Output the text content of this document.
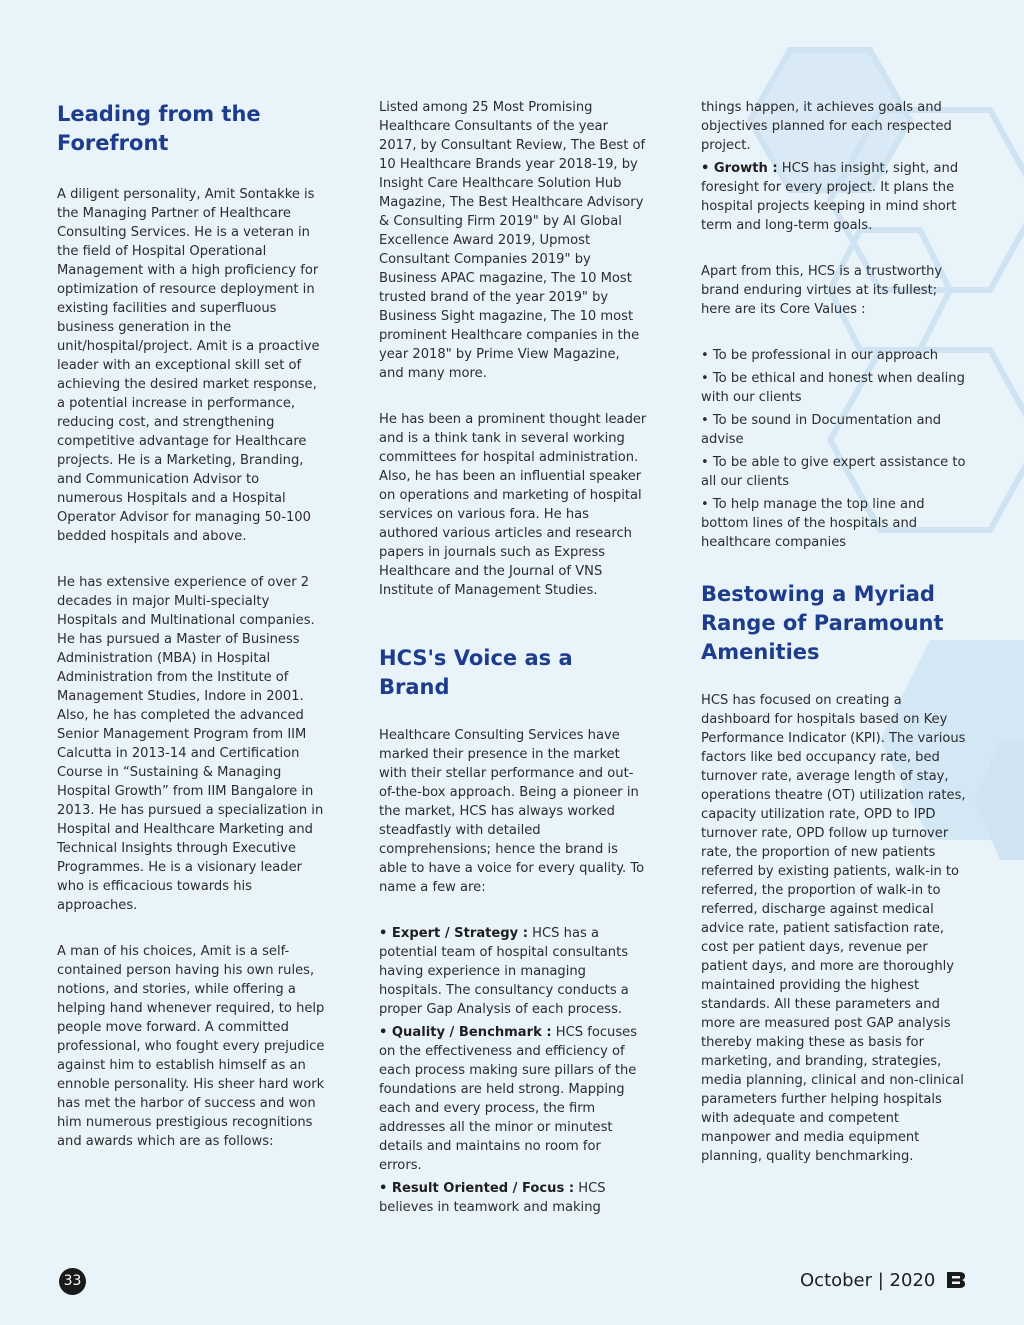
Leading from the Forefront

A diligent personality, Amit Sontakke is the Managing Partner of Healthcare Consulting Services. He is a veteran in the field of Hospital Operational Management with a high proficiency for optimization of resource deployment in existing facilities and superfluous business generation in the unit/hospital/project. Amit is a proactive leader with an exceptional skill set of achieving the desired market response, a potential increase in performance, reducing cost, and strengthening competitive advantage for Healthcare projects. He is a Marketing, Branding, and Communication Advisor to numerous Hospitals and a Hospital Operator Advisor for managing 50-100 bedded hospitals and above.

He has extensive experience of over 2 decades in major Multi-specialty Hospitals and Multinational companies. He has pursued a Master of Business Administration (MBA) in Hospital Administration from the Institute of Management Studies, Indore in 2001. Also, he has completed the advanced Senior Management Program from IIM Calcutta in 2013-14 and Certification Course in “Sustaining & Managing Hospital Growth” from IIM Bangalore in 2013. He has pursued a specialization in Hospital and Healthcare Marketing and Technical Insights through Executive Programmes. He is a visionary leader who is efficacious towards his approaches.

A man of his choices, Amit is a self-contained person having his own rules, notions, and stories, while offering a helping hand whenever required, to help people move forward. A committed professional, who fought every prejudice against him to establish himself as an ennoble personality. His sheer hard work has met the harbor of success and won him numerous prestigious recognitions and awards which are as follows:

Listed among 25 Most Promising Healthcare Consultants of the year 2017, by Consultant Review, The Best of 10 Healthcare Brands year 2018-19, by Insight Care Healthcare Solution Hub Magazine, The Best Healthcare Advisory & Consulting Firm 2019" by AI Global Excellence Award 2019, Upmost Consultant Companies 2019" by Business APAC magazine, The 10 Most trusted brand of the year 2019" by Business Sight magazine, The 10 most prominent Healthcare companies in the year 2018" by Prime View Magazine, and many more.

He has been a prominent thought leader and is a think tank in several working committees for hospital administration. Also, he has been an influential speaker on operations and marketing of hospital services on various fora. He has authored various articles and research papers in journals such as Express Healthcare and the Journal of VNS Institute of Management Studies.

HCS's Voice as a Brand

Healthcare Consulting Services have marked their presence in the market with their stellar performance and out-of-the-box approach. Being a pioneer in the market, HCS has always worked steadfastly with detailed comprehensions; hence the brand is able to have a voice for every quality. To name a few are:

• Expert / Strategy : HCS has a potential team of hospital consultants having experience in managing hospitals. The consultancy conducts a proper Gap Analysis of each process.

• Quality / Benchmark : HCS focuses on the effectiveness and efficiency of each process making sure pillars of the foundations are held strong. Mapping each and every process, the firm addresses all the minor or minutest details and maintains no room for errors.

• Result Oriented / Focus : HCS believes in teamwork and making

things happen, it achieves goals and objectives planned for each respected project.

• Growth : HCS has insight, sight, and foresight for every project. It plans the hospital projects keeping in mind short term and long-term goals.

Apart from this, HCS is a trustworthy brand enduring virtues at its fullest; here are its Core Values :

• To be professional in our approach

• To be ethical and honest when dealing with our clients

• To be sound in Documentation and advise

• To be able to give expert assistance to all our clients

• To help manage the top line and bottom lines of the hospitals and healthcare companies

Bestowing a Myriad Range of Paramount Amenities

HCS has focused on creating a dashboard for hospitals based on Key Performance Indicator (KPI). The various factors like bed occupancy rate, bed turnover rate, average length of stay, operations theatre (OT) utilization rates, capacity utilization rate, OPD to IPD turnover rate, OPD follow up turnover rate, the proportion of new patients referred by existing patients, walk-in to referred, the proportion of walk-in to referred, discharge against medical advice rate, patient satisfaction rate, cost per patient days, revenue per patient days, and more are thoroughly maintained providing the highest standards. All these parameters and more are measured post GAP analysis thereby making these as basis for marketing, and branding, strategies, media planning, clinical and non-clinical parameters further helping hospitals with adequate and competent manpower and media equipment planning, quality benchmarking.

33	October | 2020
